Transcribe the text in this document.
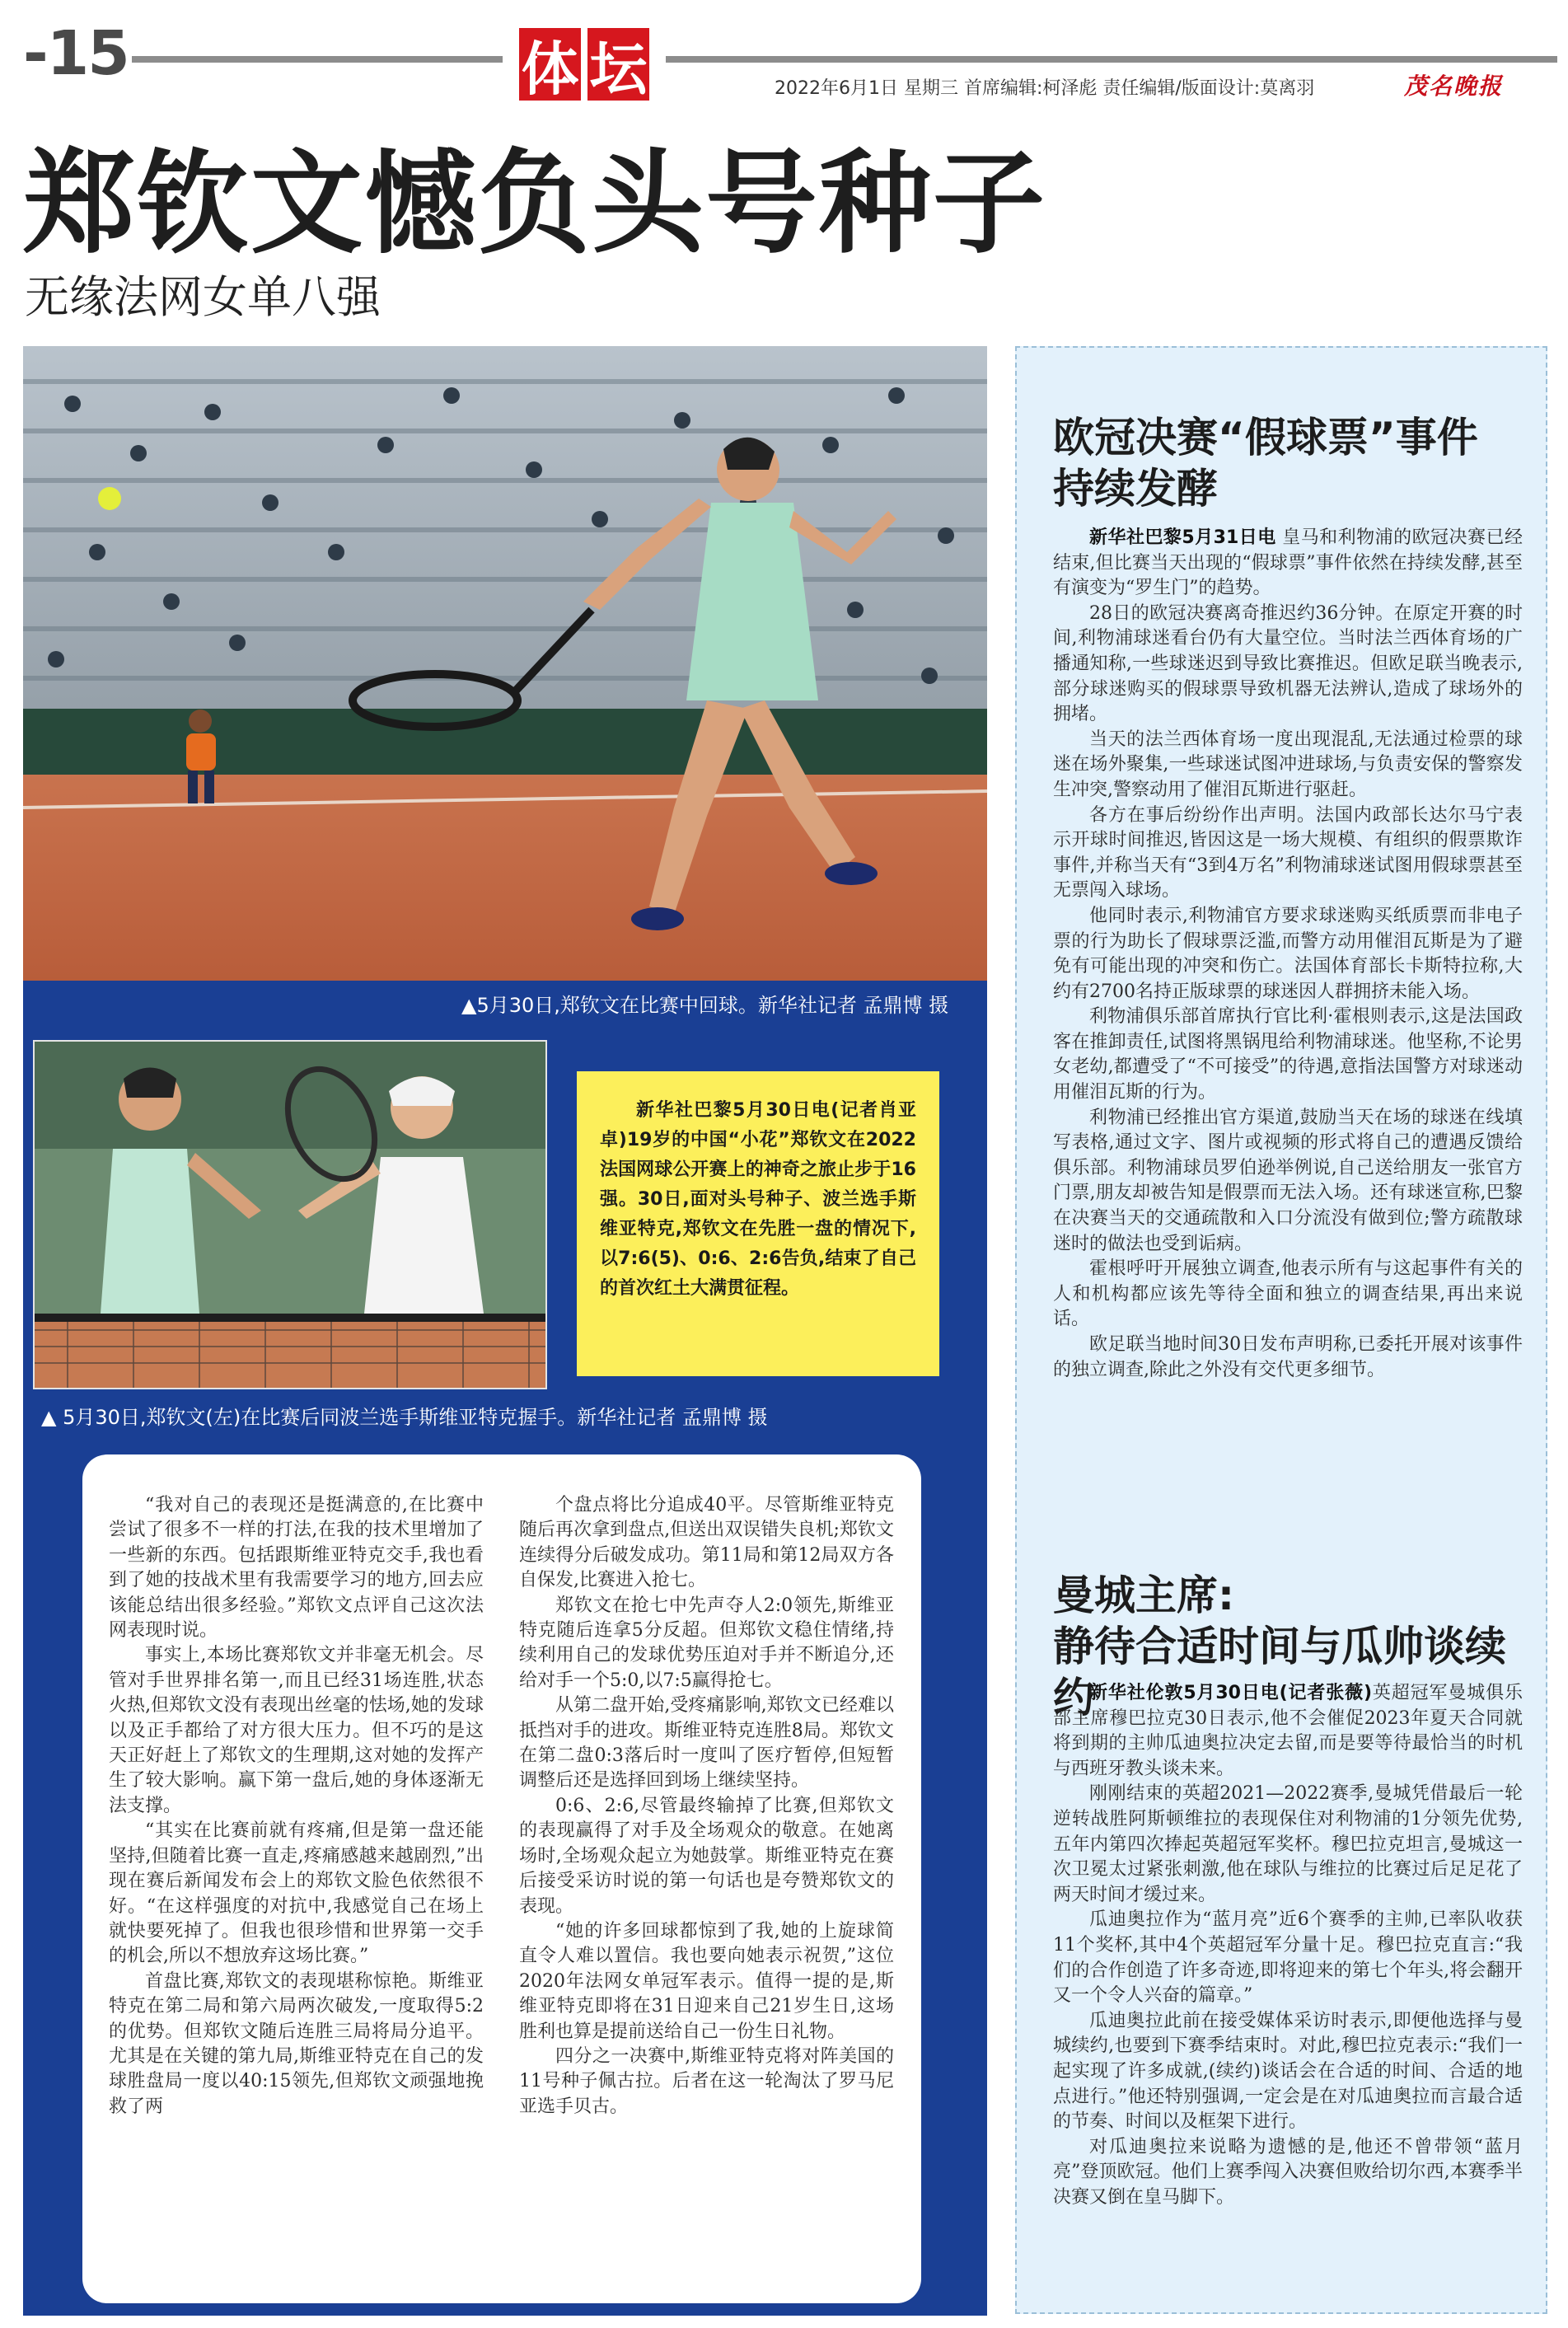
-15	体 坛	2022年6月1日 星期三 首席编辑:柯泽彪 责任编辑/版面设计:莫离羽	茂名晚报
郑钦文憾负头号种子
无缘法网女单八强
▲5月30日,郑钦文在比赛中回球。新华社记者 孟鼎博 摄
新华社巴黎5月30日电(记者肖亚卓)19岁的中国“小花”郑钦文在2022法国网球公开赛上的神奇之旅止步于16强。30日,面对头号种子、波兰选手斯维亚特克,郑钦文在先胜一盘的情况下,以7:6(5)、0:6、2:6告负,结束了自己的首次红土大满贯征程。
▲ 5月30日,郑钦文(左)在比赛后同波兰选手斯维亚特克握手。新华社记者 孟鼎博 摄

“我对自己的表现还是挺满意的,在比赛中尝试了很多不一样的打法,在我的技术里增加了一些新的东西。包括跟斯维亚特克交手,我也看到了她的技战术里有我需要学习的地方,回去应该能总结出很多经验。”郑钦文点评自己这次法网表现时说。

事实上,本场比赛郑钦文并非毫无机会。尽管对手世界排名第一,而且已经31场连胜,状态火热,但郑钦文没有表现出丝毫的怯场,她的发球以及正手都给了对方很大压力。但不巧的是这天正好赶上了郑钦文的生理期,这对她的发挥产生了较大影响。赢下第一盘后,她的身体逐渐无法支撑。

“其实在比赛前就有疼痛,但是第一盘还能坚持,但随着比赛一直走,疼痛感越来越剧烈,”出现在赛后新闻发布会上的郑钦文脸色依然很不好。“在这样强度的对抗中,我感觉自己在场上就快要死掉了。但我也很珍惜和世界第一交手的机会,所以不想放弃这场比赛。”

首盘比赛,郑钦文的表现堪称惊艳。斯维亚特克在第二局和第六局两次破发,一度取得5:2的优势。但郑钦文随后连胜三局将局分追平。尤其是在关键的第九局,斯维亚特克在自己的发球胜盘局一度以40:15领先,但郑钦文顽强地挽救了两

个盘点将比分追成40平。尽管斯维亚特克随后再次拿到盘点,但送出双误错失良机;郑钦文连续得分后破发成功。第11局和第12局双方各自保发,比赛进入抢七。

郑钦文在抢七中先声夺人2:0领先,斯维亚特克随后连拿5分反超。但郑钦文稳住情绪,持续利用自己的发球优势压迫对手并不断追分,还给对手一个5:0,以7:5赢得抢七。

从第二盘开始,受疼痛影响,郑钦文已经难以抵挡对手的进攻。斯维亚特克连胜8局。郑钦文在第二盘0:3落后时一度叫了医疗暂停,但短暂调整后还是选择回到场上继续坚持。

0:6、2:6,尽管最终输掉了比赛,但郑钦文的表现赢得了对手及全场观众的敬意。在她离场时,全场观众起立为她鼓掌。斯维亚特克在赛后接受采访时说的第一句话也是夸赞郑钦文的表现。

“她的许多回球都惊到了我,她的上旋球简直令人难以置信。我也要向她表示祝贺,”这位2020年法网女单冠军表示。值得一提的是,斯维亚特克即将在31日迎来自己21岁生日,这场胜利也算是提前送给自己一份生日礼物。

四分之一决赛中,斯维亚特克将对阵美国的11号种子佩古拉。后者在这一轮淘汰了罗马尼亚选手贝古。

欧冠决赛“假球票”事件
持续发酵

新华社巴黎5月31日电 皇马和利物浦的欧冠决赛已经结束,但比赛当天出现的“假球票”事件依然在持续发酵,甚至有演变为“罗生门”的趋势。

28日的欧冠决赛离奇推迟约36分钟。在原定开赛的时间,利物浦球迷看台仍有大量空位。当时法兰西体育场的广播通知称,一些球迷迟到导致比赛推迟。但欧足联当晚表示,部分球迷购买的假球票导致机器无法辨认,造成了球场外的拥堵。

当天的法兰西体育场一度出现混乱,无法通过检票的球迷在场外聚集,一些球迷试图冲进球场,与负责安保的警察发生冲突,警察动用了催泪瓦斯进行驱赶。

各方在事后纷纷作出声明。法国内政部长达尔马宁表示开球时间推迟,皆因这是一场大规模、有组织的假票欺诈事件,并称当天有“3到4万名”利物浦球迷试图用假球票甚至无票闯入球场。

他同时表示,利物浦官方要求球迷购买纸质票而非电子票的行为助长了假球票泛滥,而警方动用催泪瓦斯是为了避免有可能出现的冲突和伤亡。法国体育部长卡斯特拉称,大约有2700名持正版球票的球迷因人群拥挤未能入场。

利物浦俱乐部首席执行官比利·霍根则表示,这是法国政客在推卸责任,试图将黑锅甩给利物浦球迷。他坚称,不论男女老幼,都遭受了“不可接受”的待遇,意指法国警方对球迷动用催泪瓦斯的行为。

利物浦已经推出官方渠道,鼓励当天在场的球迷在线填写表格,通过文字、图片或视频的形式将自己的遭遇反馈给俱乐部。利物浦球员罗伯逊举例说,自己送给朋友一张官方门票,朋友却被告知是假票而无法入场。还有球迷宣称,巴黎在决赛当天的交通疏散和入口分流没有做到位;警方疏散球迷时的做法也受到诟病。

霍根呼吁开展独立调查,他表示所有与这起事件有关的人和机构都应该先等待全面和独立的调查结果,再出来说话。

欧足联当地时间30日发布声明称,已委托开展对该事件的独立调查,除此之外没有交代更多细节。

曼城主席:
静待合适时间与瓜帅谈续约

新华社伦敦5月30日电(记者张薇)英超冠军曼城俱乐部主席穆巴拉克30日表示,他不会催促2023年夏天合同就将到期的主帅瓜迪奥拉决定去留,而是要等待最恰当的时机与西班牙教头谈未来。

刚刚结束的英超2021—2022赛季,曼城凭借最后一轮逆转战胜阿斯顿维拉的表现保住对利物浦的1分领先优势,五年内第四次捧起英超冠军奖杯。穆巴拉克坦言,曼城这一次卫冕太过紧张刺激,他在球队与维拉的比赛过后足足花了两天时间才缓过来。

瓜迪奥拉作为“蓝月亮”近6个赛季的主帅,已率队收获11个奖杯,其中4个英超冠军分量十足。穆巴拉克直言:“我们的合作创造了许多奇迹,即将迎来的第七个年头,将会翻开又一个令人兴奋的篇章。”

瓜迪奥拉此前在接受媒体采访时表示,即便他选择与曼城续约,也要到下赛季结束时。对此,穆巴拉克表示:“我们一起实现了许多成就,(续约)谈话会在合适的时间、合适的地点进行。”他还特别强调,一定会是在对瓜迪奥拉而言最合适的节奏、时间以及框架下进行。

对瓜迪奥拉来说略为遗憾的是,他还不曾带领“蓝月亮”登顶欧冠。他们上赛季闯入决赛但败给切尔西,本赛季半决赛又倒在皇马脚下。
